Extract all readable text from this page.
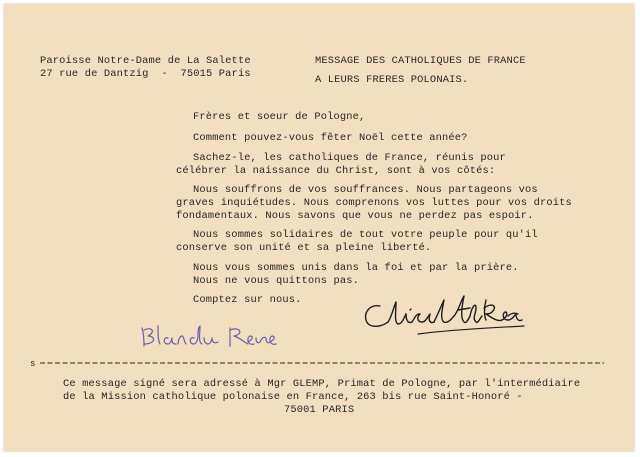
Paroisse Notre-Dame de La Salette
27 rue de Dantzig  -  75015 Paris
MESSAGE DES CATHOLIQUES DE FRANCE
A LEURS FRERES POLONAIS.
Frères et soeur de Pologne,
Comment pouvez-vous fêter Noël cette année?
Sachez-le, les catholiques de France, réunis pour
célébrer la naissance du Christ, sont à vos côtés:
Nous souffrons de vos souffrances. Nous partageons vos
graves inquiétudes. Nous comprenons vos luttes pour vos droits
fondamentaux. Nous savons que vous ne perdez pas espoir.
Nous sommes solidaires de tout votre peuple pour qu'il
conserve son unité et sa pleine liberté.
Nous vous sommes unis dans la foi et par la prière.
Nous ne vous quittons pas.
Comptez sur nous.
s
Ce message signé sera adressé à Mgr GLEMP, Primat de Pologne, par l'intermédiaire
de la Mission catholique polonaise en France, 263 bis rue Saint-Honoré -
75001 PARIS
